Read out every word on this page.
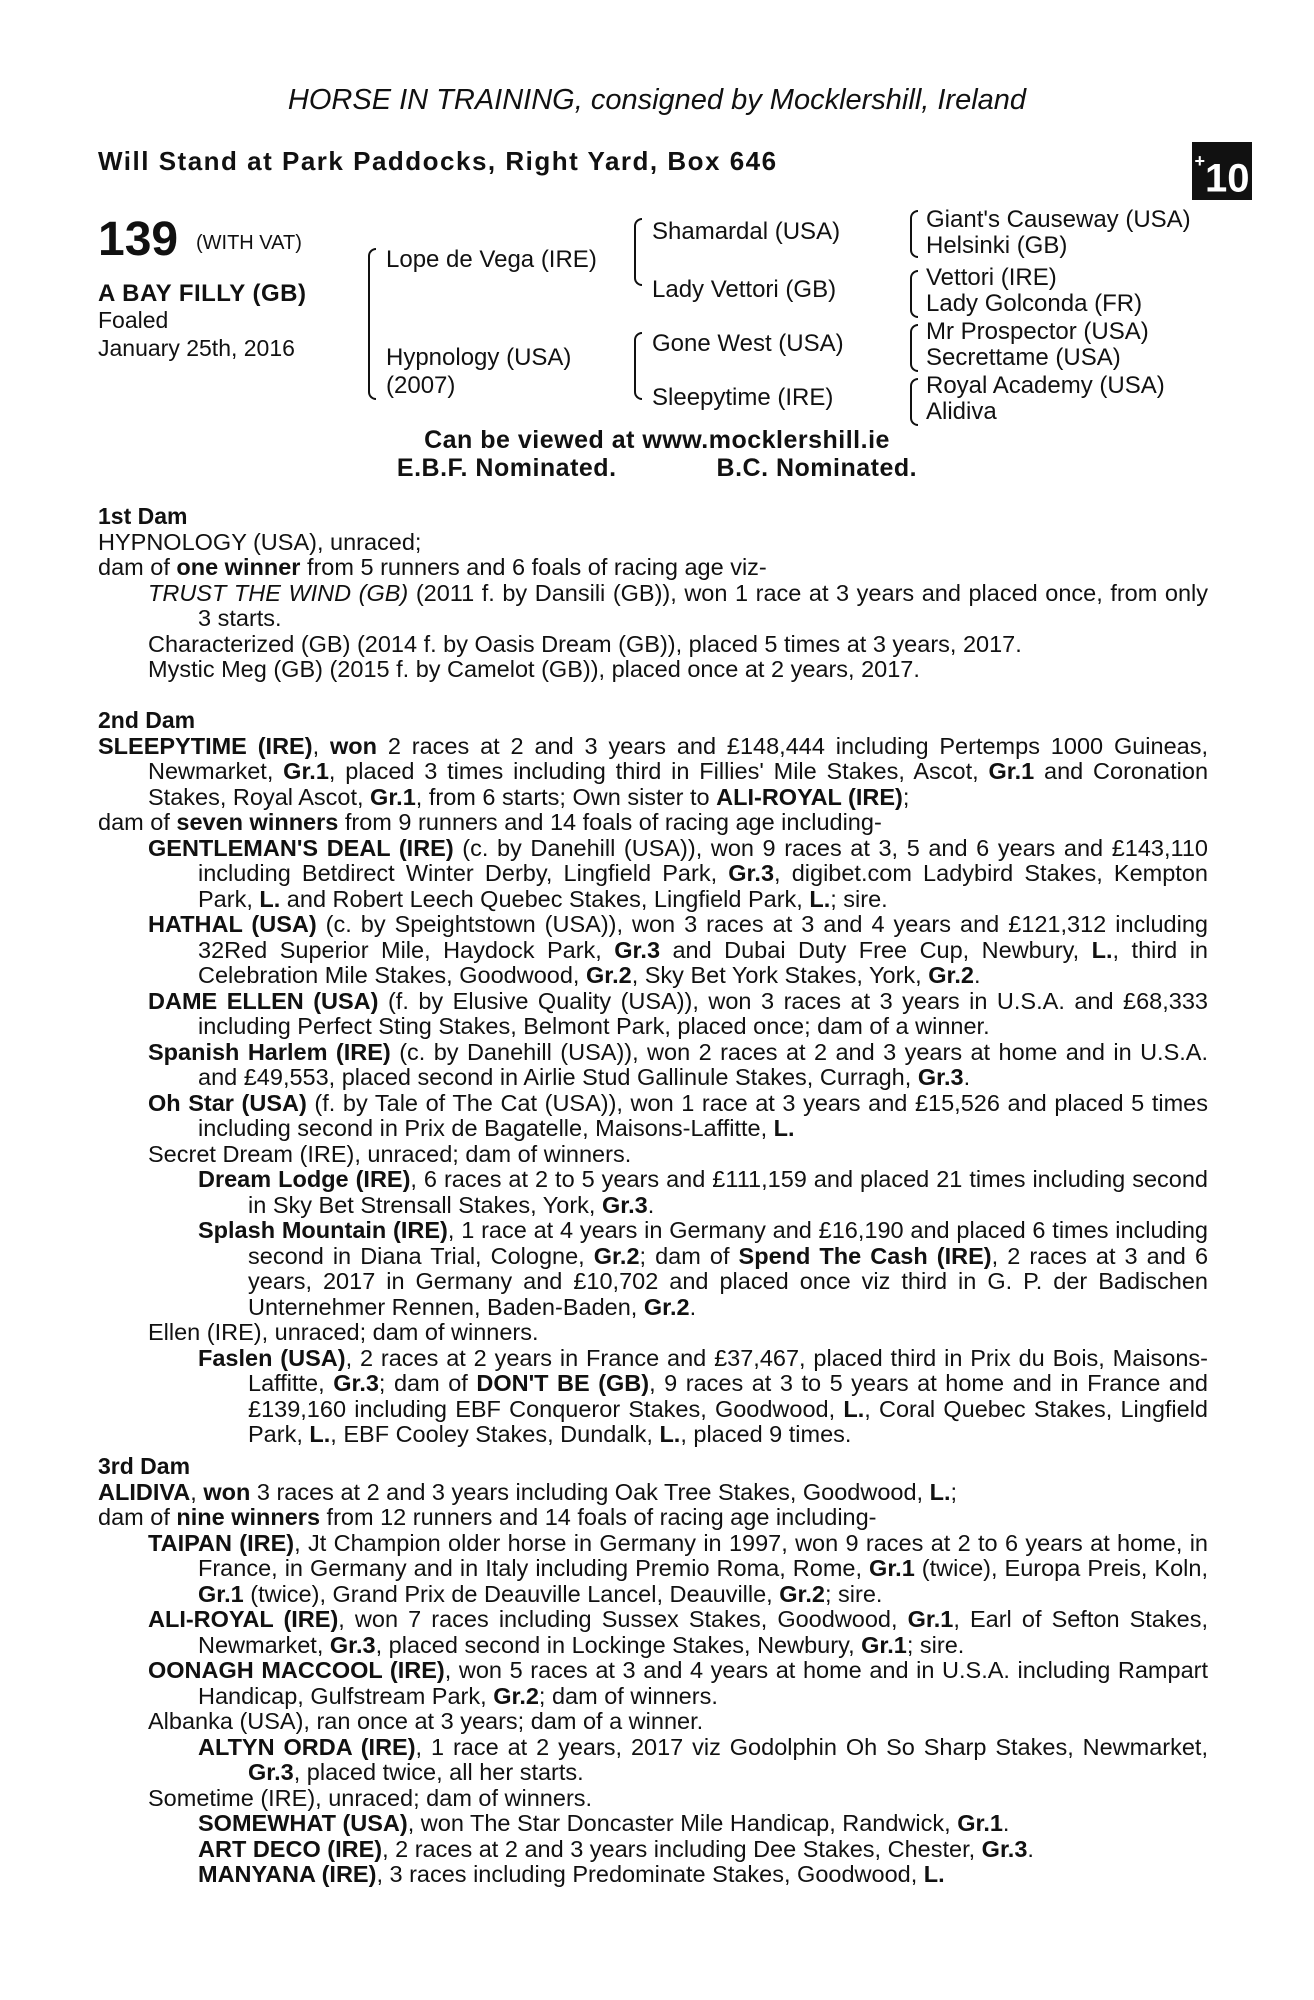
HORSE IN TRAINING, consigned by Mocklershill, Ireland
Will Stand at Park Paddocks, Right Yard, Box 646	+10
139 (WITH VAT)
A BAY FILLY (GB)
Foaled
January 25th, 2016
Lope de Vega (IRE)
Hypnology (USA)
(2007)
Shamardal (USA)
Lady Vettori (GB)
Gone West (USA)
Sleepytime (IRE)
Giant's Causeway (USA)
Helsinki (GB)
Vettori (IRE)
Lady Golconda (FR)
Mr Prospector (USA)
Secrettame (USA)
Royal Academy (USA)
Alidiva
Can be viewed at www.mocklershill.ie
E.B.F. Nominated.	B.C. Nominated.
1st Dam
HYPNOLOGY (USA), unraced;
dam of one winner from 5 runners and 6 foals of racing age viz-
TRUST THE WIND (GB) (2011 f. by Dansili (GB)), won 1 race at 3 years and placed once, from only 3 starts.
Characterized (GB) (2014 f. by Oasis Dream (GB)), placed 5 times at 3 years, 2017.
Mystic Meg (GB) (2015 f. by Camelot (GB)), placed once at 2 years, 2017.
2nd Dam
SLEEPYTIME (IRE), won 2 races at 2 and 3 years and £148,444 including Pertemps 1000 Guineas, Newmarket, Gr.1, placed 3 times including third in Fillies' Mile Stakes, Ascot, Gr.1 and Coronation Stakes, Royal Ascot, Gr.1, from 6 starts; Own sister to ALI-ROYAL (IRE);
dam of seven winners from 9 runners and 14 foals of racing age including-
GENTLEMAN'S DEAL (IRE) (c. by Danehill (USA)), won 9 races at 3, 5 and 6 years and £143,110 including Betdirect Winter Derby, Lingfield Park, Gr.3, digibet.com Ladybird Stakes, Kempton Park, L. and Robert Leech Quebec Stakes, Lingfield Park, L.; sire.
HATHAL (USA) (c. by Speightstown (USA)), won 3 races at 3 and 4 years and £121,312 including 32Red Superior Mile, Haydock Park, Gr.3 and Dubai Duty Free Cup, Newbury, L., third in Celebration Mile Stakes, Goodwood, Gr.2, Sky Bet York Stakes, York, Gr.2.
DAME ELLEN (USA) (f. by Elusive Quality (USA)), won 3 races at 3 years in U.S.A. and £68,333 including Perfect Sting Stakes, Belmont Park, placed once; dam of a winner.
Spanish Harlem (IRE) (c. by Danehill (USA)), won 2 races at 2 and 3 years at home and in U.S.A. and £49,553, placed second in Airlie Stud Gallinule Stakes, Curragh, Gr.3.
Oh Star (USA) (f. by Tale of The Cat (USA)), won 1 race at 3 years and £15,526 and placed 5 times including second in Prix de Bagatelle, Maisons-Laffitte, L.
Secret Dream (IRE), unraced; dam of winners.
Dream Lodge (IRE), 6 races at 2 to 5 years and £111,159 and placed 21 times including second in Sky Bet Strensall Stakes, York, Gr.3.
Splash Mountain (IRE), 1 race at 4 years in Germany and £16,190 and placed 6 times including second in Diana Trial, Cologne, Gr.2; dam of Spend The Cash (IRE), 2 races at 3 and 6 years, 2017 in Germany and £10,702 and placed once viz third in G. P. der Badischen Unternehmer Rennen, Baden-Baden, Gr.2.
Ellen (IRE), unraced; dam of winners.
Faslen (USA), 2 races at 2 years in France and £37,467, placed third in Prix du Bois, Maisons-Laffitte, Gr.3; dam of DON'T BE (GB), 9 races at 3 to 5 years at home and in France and £139,160 including EBF Conqueror Stakes, Goodwood, L., Coral Quebec Stakes, Lingfield Park, L., EBF Cooley Stakes, Dundalk, L., placed 9 times.
3rd Dam
ALIDIVA, won 3 races at 2 and 3 years including Oak Tree Stakes, Goodwood, L.;
dam of nine winners from 12 runners and 14 foals of racing age including-
TAIPAN (IRE), Jt Champion older horse in Germany in 1997, won 9 races at 2 to 6 years at home, in France, in Germany and in Italy including Premio Roma, Rome, Gr.1 (twice), Europa Preis, Koln, Gr.1 (twice), Grand Prix de Deauville Lancel, Deauville, Gr.2; sire.
ALI-ROYAL (IRE), won 7 races including Sussex Stakes, Goodwood, Gr.1, Earl of Sefton Stakes, Newmarket, Gr.3, placed second in Lockinge Stakes, Newbury, Gr.1; sire.
OONAGH MACCOOL (IRE), won 5 races at 3 and 4 years at home and in U.S.A. including Rampart Handicap, Gulfstream Park, Gr.2; dam of winners.
Albanka (USA), ran once at 3 years; dam of a winner.
ALTYN ORDA (IRE), 1 race at 2 years, 2017 viz Godolphin Oh So Sharp Stakes, Newmarket, Gr.3, placed twice, all her starts.
Sometime (IRE), unraced; dam of winners.
SOMEWHAT (USA), won The Star Doncaster Mile Handicap, Randwick, Gr.1.
ART DECO (IRE), 2 races at 2 and 3 years including Dee Stakes, Chester, Gr.3.
MANYANA (IRE), 3 races including Predominate Stakes, Goodwood, L.
